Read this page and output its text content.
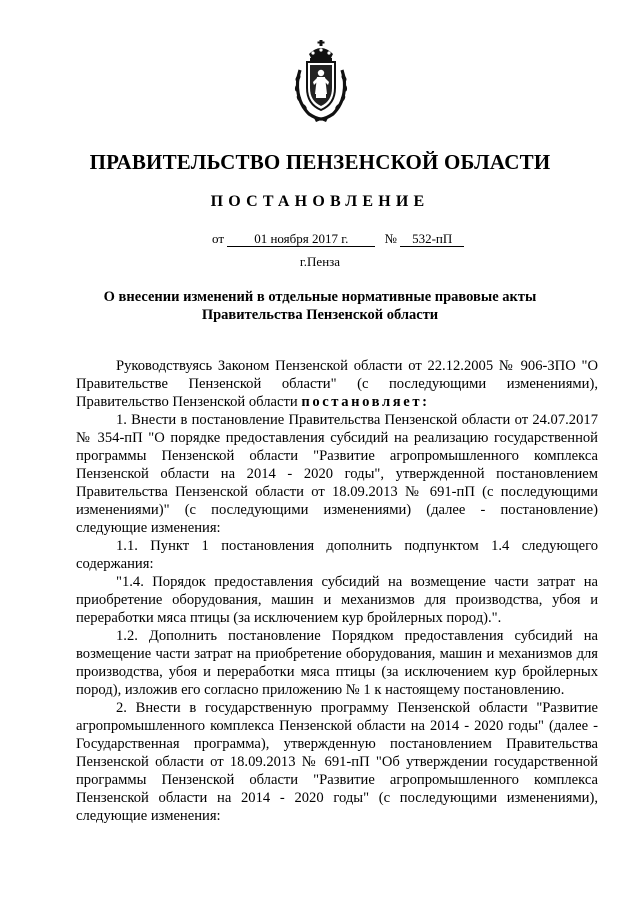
ПРАВИТЕЛЬСТВО ПЕНЗЕНСКОЙ ОБЛАСТИ
ПОСТАНОВЛЕНИЕ
от 01 ноября 2017 г.	№ 532-пП
г.Пенза
О внесении изменений в отдельные нормативные правовые акты
Правительства Пензенской области

Руководствуясь Законом Пензенской области от 22.12.2005 № 906-ЗПО "О Правительстве Пензенской области" (с последующими изменениями), Правительство Пензенской области постановляет:

1. Внести в постановление Правительства Пензенской области от 24.07.2017 № 354-пП "О порядке предоставления субсидий на реализацию государственной программы Пензенской области "Развитие агропромышленного комплекса Пензенской области на 2014 - 2020 годы", утвержденной постановлением Правительства Пензенской области от 18.09.2013 № 691-пП (с последующими изменениями)" (с последующими изменениями) (далее - постановление) следующие изменения:

1.1. Пункт 1 постановления дополнить подпунктом 1.4 следующего содержания:

"1.4. Порядок предоставления субсидий на возмещение части затрат на приобретение оборудования, машин и механизмов для производства, убоя и переработки мяса птицы (за исключением кур бройлерных пород).".

1.2. Дополнить постановление Порядком предоставления субсидий на возмещение части затрат на приобретение оборудования, машин и механизмов для производства, убоя и переработки мяса птицы (за исключением кур бройлерных пород), изложив его согласно приложению № 1 к настоящему постановлению.

2. Внести в государственную программу Пензенской области "Развитие агропромышленного комплекса Пензенской области на 2014 - 2020 годы" (далее - Государственная программа), утвержденную постановлением Правительства Пензенской области от 18.09.2013 № 691-пП "Об утверждении государственной программы Пензенской области "Развитие агропромышленного комплекса Пензенской области на 2014 - 2020 годы" (с последующими изменениями), следующие изменения:
